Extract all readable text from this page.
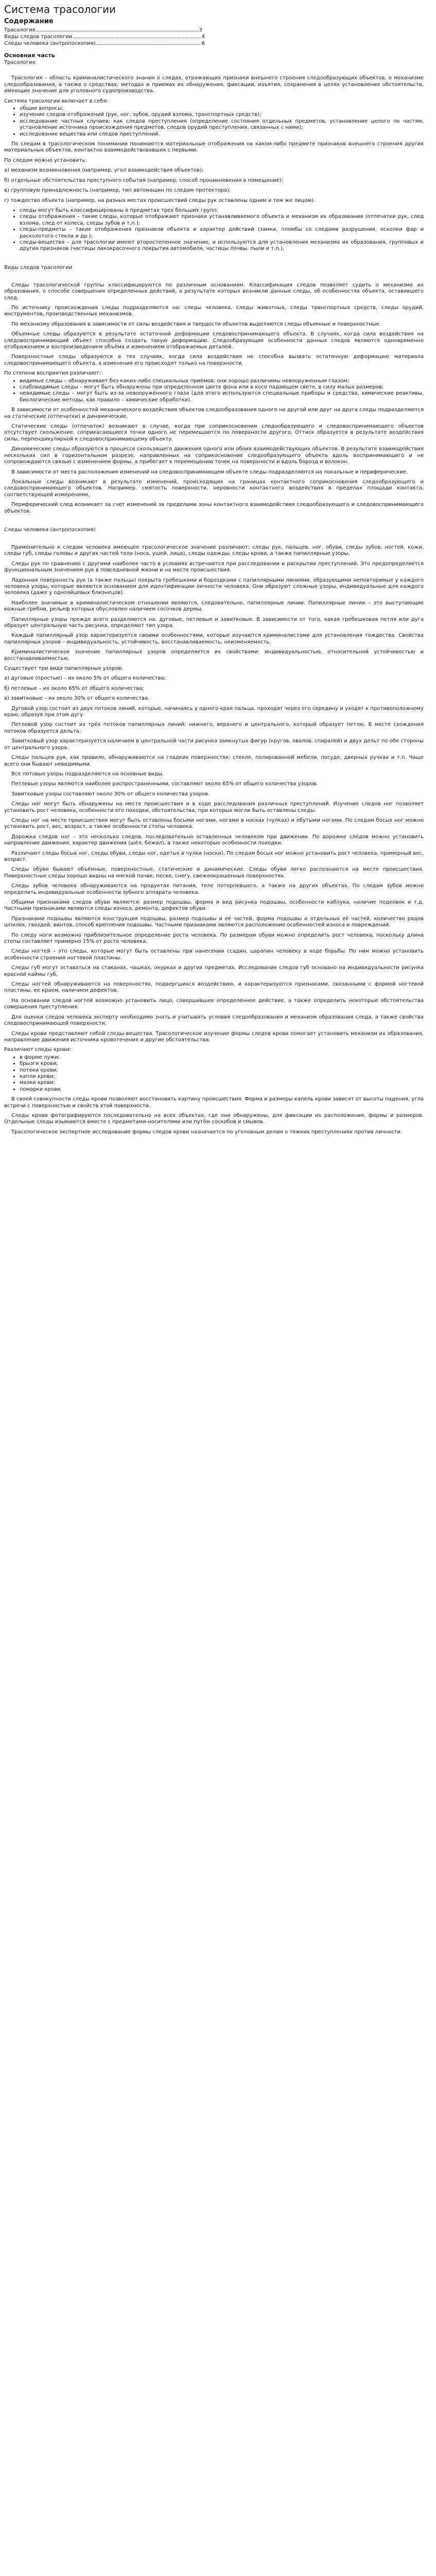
Система трасологии
Содержание
Трасология	3
Виды следов трасологии	4
Следы человека (антропоскопия)	6
Основная часть
Трасология

Трасология – область криминалистического знания о следах, отражающих признаки внешнего строения следообразующих объектов, о механизме следообразования, а также о средствах, методах и приемах их обнаружения, фиксации, изъятия, сохранения в целях установления обстоятельств, имеющих значение для уголовного судопроизводства.

Система трасологии включает в себя:

• общие вопросы;
• изучение следов-отображений (рук, ног, зубов, орудий взлома, транспортных средств);
• исследование частных случаев: как следов преступления (определение состояния отдельных предметов, установление целого по частям, установление источника происхождения предметов, следов орудий преступления, связанных с ними);
• исследование вещества или следов преступлений.

По следам в трасологическом понимании понимаются материальные отображения на каком-либо предмете признаков внешнего строения других материальных объектов, контактно взаимодействовавших с первыми.

По следам можно установить:

а) механизм возникновения (например, угол взаимодействия объектов);

б) отдельные обстоятельства преступного события (например, способ проникновения в помещение);

в) групповую принадлежность (например, тип автомашин по следам протектора);

г) тождество объекта (например, на разных местах происшествий следы рук оставлены одним и тем же лицом).

• следы могут быть классифицированы в предметах трех больших групп:
• следы отображения – такие следы, которые отображают признаки устанавливаемого объекта и механизм их образования (отпечатки рук, след взлома, след от колеса, следы зубов и т.п.);
• следы-предметы – такие отображения признаков объекта и характер действий (замки, пломбы со следами разрушения, осколки фар и расколотого стекла и др.);
• следы-вещества – для трасологии имеют второстепенное значение, и используются для установления механизма их образования, групповых и других признаков (частицы лакокрасочного покрытия автомобиля, частицы почвы, пыли и т.п.).
Виды следов трасологии

Следы трасологической группы классифицируются по различным основаниям. Классификация следов позволяет судить о механизме их образования, о способе совершения определенных действий, а результате которых возникли данные следы, об особенностях объекта, оставившего след.

По источнику происхождения следы подразделяются на: следы человека, следы животных, следы транспортных средств, следы орудий, инструментов, производственных механизмов.

По механизму образования в зависимости от силы воздействия и твердости объектов выделяются следы объемные и поверхностные.

Объемные следы образуются в результате остаточной деформации следовоспринимающего объекта. В случаях, когда сила воздействия на следовоспринимающий объект способна создать такую деформацию. Следообразующие особенности данных следов являются одновременно отображением и воспроизведением объёма и изменением отображаемых деталей.

Поверхностные следы образуются в тех случаях, когда сила воздействия не способна вызвать остаточную деформацию материала следовоспринимающего объекта, а изменения его происходят только на поверхности.

По степени восприятия различают:

• видимые следы – обнаруживает без каких-либо специальных приёмов; они хорошо различимы невооруженным глазом;
• слабовидимые следы – могут быть обнаружены при определенном цвете фона или в косо падающем свете, в силу малых размеров;
• невидимые следы – могут быть из-за невооружённого глаза (для этого используются специальные приборы и средства, химические реактивы, биологические методы, как правило – химические обработки).

В зависимости от особенностей механического воздействия объектов следообразования одного на другой или друг на друга следы подразделяются на статические (отпечатки) и динамические.

Статические следы (отпечаток) возникают в случае, когда при соприкосновении следообразующего и следовоспринимающего объектов отсутствует скольжение, соприкасающиеся точки одного не перемещаются по поверхности другого. Оттиск образуется в результате воздействия силы, перпендикулярной к следовоспринимающему объекту.

Динамические следы образуются в процессе скользящего движения одного или обоих взаимодействующих объектов. В результате взаимодействия нескольких сил в горизонтальном разрезе, направленных на соприкосновение следообразующего объекта вдоль воспринимающего и не сопровождаются связью с изменением формы, а прибегает к перемещению точек на поверхности и вдоль борозд и волокон.

В зависимости от места расположения изменений на следовоспринимающем объекте следы подразделяются на локальные и периферические.

Локальные следы возникают в результате изменений, происходящих на границах контактного соприкосновения следообразующего и следовоспринимающего объектов. Например, смятость поверхности, неровности контактного воздействия в пределах площади контакта, соответствующей измерениям.

Периферический след возникает за счет изменений за пределами зоны контактного взаимодействия следообразующего и следовоспринимающего объектов.

Следы человека (антропоскопия)

Применительно к следам человека имеющее трасологическое значение различают: следы рук, пальцев, ног, обуви, следы зубов, ногтей, кожи, следы губ, следы головы и других частей тела (носа, ушей, лица), следы одежды, следы крови, а также папиллярные узоры.

Следы рук по сравнению с другими наиболее часто в условиях встречаются при расследовании и раскрытии преступлений. Это предопределяется функциональным значением рук в повседневной жизни и на месте происшествия.

Ладонная поверхность рук (а также пальцы) покрыта гребешками и бороздками с папиллярными линиями, образующими неповторимые у каждого человека узоры, которые являются основанием для идентификации личности человека. Они образуют сложные узоры, индивидуальные для каждого человека (даже у однояйцевых близнецов).

Наиболее значимые в криминалистическом отношении являются, следовательно, папиллярные линии. Папиллярные линии – это выступающие кожные гребни, рельеф которых обусловлен наличием сосочков дермы.

Папиллярные узоры прежде всего разделяются на: дуговые, петлевые и завитковые. В зависимости от того, какая гребешковая петля или дуга образует центральную часть рисунка, определяют тип узора.

Каждый папиллярный узор характеризуется своими особенностями, которые изучаются криминалистами для установления тождества. Свойства папиллярных узоров – индивидуальность, устойчивость, восстанавливаемость, неизменяемость.

Криминалистическое значение папиллярных узоров определяется их свойствами: индивидуальностью, относительной устойчивостью и восстанавливаемостью.

Существует три вида папиллярных узоров:

а) дуговые (простые) – их около 5% от общего количества;

б) петлевые – их около 65% от общего количества;

в) завитковые – их около 30% от общего количества.

Дуговой узор состоит из двух потоков линий, которые, начинаясь у одного края пальца, проходят через его середину и уходят к противоположному краю, образуя при этом дугу.

Петлевой узор состоит из трёх потоков папиллярных линий: нижнего, верхнего и центрального, который образует петлю. В месте схождения потоков образуется дельта.

Завитковый узор характеризуется наличием в центральной части рисунка замкнутых фигур (кругов, овалов, спиралей) и двух дельт по обе стороны от центрального узора.

Следы пальцев рук, как правило, обнаруживаются на гладких поверхностях: стекле, полированной мебели, посуде, дверных ручках и т.п. Чаще всего они бывают невидимыми.

Все потовые узоры подразделяются на основные виды.

Петлевые узоры являются наиболее распространенными, составляют около 65% от общего количества узоров.

Завитковые узоры составляют около 30% от общего количества узоров.

Следы ног могут быть обнаружены на месте происшествия и в ходе расследования различных преступлений. Изучение следов ног позволяет установить рост человека, особенности его походки, обстоятельства, при которых могли быть оставлены следы.

Следы ног на месте происшествия могут быть оставлены босыми ногами, ногами в носках (чулках) и обутыми ногами. По следам босых ног можно установить рост, вес, возраст, а также особенности стопы человека.

Дорожка следов ног – это несколько следов, последовательно оставленных человеком при движении. По дорожке следов можно установить направление движения, характер движения (шёл, бежал), а также некоторые особенности походки.

Различают следы босых ног, следы обуви, следы ног, одетых в чулки (носки). По следам босых ног можно установить рост человека, примерный вес, возраст.

Следы обуви бывают объёмные, поверхностные, статические и динамические. Следы обуви легко распознаются на месте происшествия. Поверхностные следы хорошо видны на мягкой почве, песке, снегу, свежеокрашенных поверхностях.

Следы зубов человека обнаруживаются на продуктах питания, теле потерпевшего, а также на других объектах. По следам зубов можно определить индивидуальные особенности зубного аппарата человека.

Общими признаками следов обуви являются: размер подошвы, форма и вид рисунка подошвы, особенности каблука, наличие подковок и т.д. Частными признаками являются следы износа, ремонта, дефектов обуви.

Признаками подошвы являются конструкция подошвы, размер подошвы и её частей, форма подошвы и отдельных её частей, количество рядов шпилек, гвоздей, винтов, способ крепления подошвы. Частными признаками являются расположение особенностей износа и повреждений.

По следу ноги возможно приблизительное определение роста человека. По размерам обуви можно определить рост человека, поскольку длина стопы составляет примерно 15% от роста человека.

Следы ногтей – это следы, которые могут быть оставлены при нанесении ссадин, царапин человеку в ходе борьбы. По ним можно установить особенности строения ногтевой пластины.

Следы губ могут оставаться на стаканах, чашках, окурках и других предметах. Исследование следов губ основано на индивидуальности рисунка красной каймы губ.

Следы ногтей обнаруживаются на поверхностях, подвергшихся воздействию, и характеризуются признаками, связанными с формой ногтевой пластины, ее краем, наличием дефектов.

На основании следов ногтей возможно установить лицо, совершившее определенное действие, а также определить некоторые обстоятельства совершения преступления.

Для оценки следов человека эксперту необходимо знать и учитывать условия следообразования и механизм образования следа, а также свойства следовоспринимающей поверхности.

Следы крови представляют собой следы-вещества. Трасологическое изучение формы следов крови помогает установить механизм их образования, направление движения источника кровотечения и другие обстоятельства.

Различают следы крови:

• в форме лужи;
• брызги крови;
• потеки крови;
• капли крови;
• мазки крови;
• помарки крови.

В своей совокупности следы крови позволяют восстановить картину происшествия. Форма и размеры капель крови зависят от высоты падения, угла встречи с поверхностью и свойств этой поверхности.

Следы крови фотографируются последовательно на всех объектах, где они обнаружены, для фиксации их расположения, формы и размеров. Отдельные следы изымаются вместе с предметами-носителями или путём соскобов и смывов.

Трасологическое экспертное исследование формы следов крови назначается по уголовным делам о тяжких преступлениях против личности.
